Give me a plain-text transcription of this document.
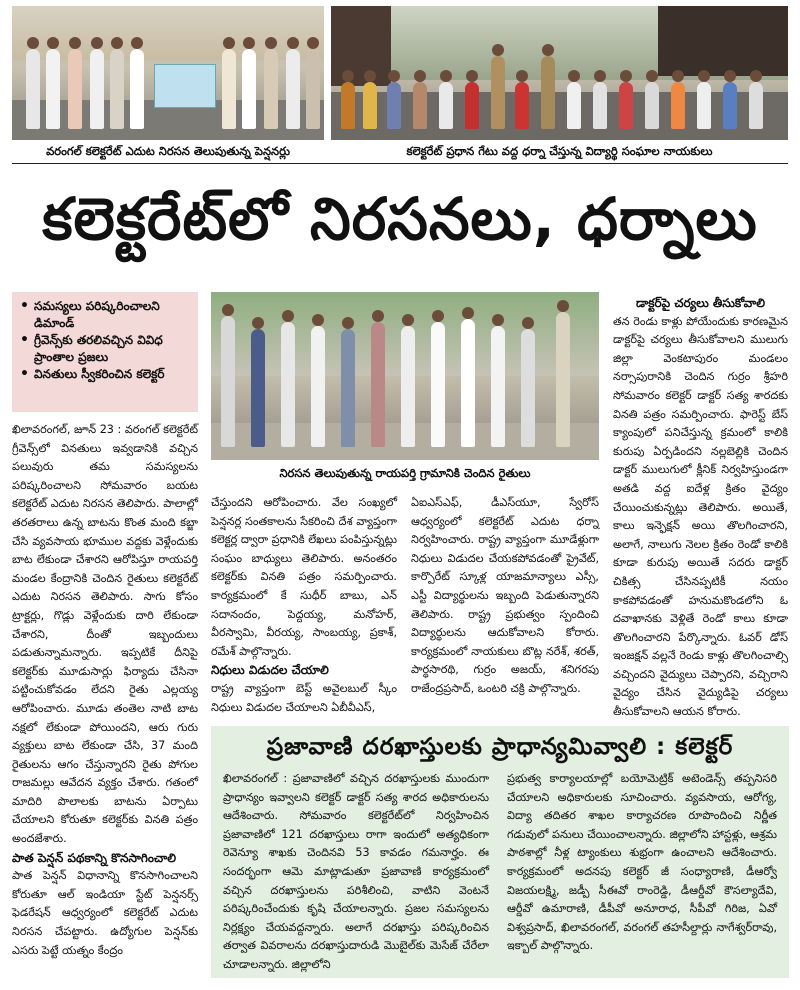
వరంగల్ కలెక్టరేట్ ఎదుట నిరసన తెలుపుతున్న పెన్షనర్లు	కలెక్టరేట్ ప్రధాన గేటు వద్ద ధర్నా చేస్తున్న విద్యార్థి సంఘాల నాయకులు
కలెక్టరేట్‌లో నిరసనలు, ధర్నాలు
• సమస్యలు పరిష్కరించాలని డిమాండ్
• గ్రీవెన్స్‌కు తరలివచ్చిన వివిధ ప్రాంతాల ప్రజలు
• వినతులు స్వీకరించిన కలెక్టర్
నిరసన తెలుపుతున్న రాయపర్తి గ్రామానికి చెందిన రైతులు

ఖిలావరంగల్, జూన్ 23 : వరంగల్ కలెక్టరేట్ గ్రీవెన్స్‌లో వినతులు ఇవ్వడానికి వచ్చిన పలువురు తమ సమస్యలను పరిష్కరించాలని సోమవారం బయట కలెక్టరేట్ ఎదుట నిరసన తెలిపారు. పాలాల్లో తరతరాలు ఉన్న బాటను కొంత మంది కబ్జా చేసి వ్యవసాయ భూముల వద్దకు వెళ్లేందుకు బాట లేకుండా చేశారని ఆరోపిస్తూ రాయపర్తి మండల కేంద్రానికి చెందిన రైతులు కలెక్టరేట్ ఎదుట నిరసన తెలిపారు. సాగు కోసం ట్రాక్టర్లు, గొడ్లు వెళ్లేందుకు దారి లేకుండా చేశారని, దీంతో ఇబ్బందులు పడుతున్నామన్నారు. ఇప్పటికే దీనిపై కలెక్టర్‌కు మూడుసార్లు ఫిర్యాదు చేసినా పట్టించుకోవడం లేదని రైతు ఎల్లయ్య ఆరోపించారు. మూడు తంతెల నాటి బాట నక్షలో లేకుండా పోయిందని, ఆరు గురు వ్యక్తులు బాట లేకుండా చేసి, 37 మంది రైతులను ఆగం చేస్తున్నారని రైతు పోగుల రాజమల్లు ఆవేదన వ్యక్తం చేశారు. గతంలో మాదిరి పొలాలకు బాటను ఏర్పాటు చేయాలని కోరుతూ కలెక్టర్‌కు వినతి పత్రం అందజేశారు.

పాత పెన్షన్ పథకాన్ని కొనసాగించాలి

పాత పెన్షన్ విధానాన్ని కొనసాగించాలని కోరుతూ ఆల్ ఇండియా స్టేట్ పెన్షనర్స్ ఫెడరేషన్ ఆధ్వర్యంలో కలెక్టరేట్ ఎదుట నిరసన చేపట్టారు. ఉద్యోగుల పెన్షన్‌కు ఎసరు పెట్టే యత్నం కేంద్రం

చేస్తుందని ఆరోపించారు. వేల సంఖ్యలో పెన్షనర్ల సంతకాలను సేకరించి దేశ వ్యాప్తంగా కలెక్టర్ల ద్వారా ప్రధానికి లేఖలు పంపిస్తున్నట్లు సంఘం బాధ్యులు తెలిపారు. అనంతరం కలెక్టర్‌కు వినతి పత్రం సమర్పించారు. కార్యక్రమంలో కే సుధీర్ బాబు, ఎన్ సదానందం, పెద్దయ్య, మనోహర్, వీరస్వామి, వీరయ్య, సాంబయ్య, ప్రకాశ్, రమేశ్ పాల్గొన్నారు.

నిధులు విడుదల చేయాలి

రాష్ట్ర వ్యాప్తంగా బెస్ట్ అవైలబుల్ స్కీం నిధులు విడుదల చేయాలని ఏబీవీఎస్,

ఏఐఎస్ఎఫ్, డీఎస్‌యూ, స్వేరోస్ ఆధ్వర్యంలో కలెక్టరేట్ ఎదుట ధర్నా నిర్వహించారు. రాష్ట్ర వ్యాప్తంగా మూడేళ్లుగా నిధులు విడుదల చేయకపోవడంతో ప్రైవేట్, కార్పొరేట్ స్కూళ్ల యాజమాన్యాలు ఎస్సీ, ఎస్టీ విద్యార్థులను ఇబ్బంది పెడుతున్నారని తెలిపారు. రాష్ట్ర ప్రభుత్వం స్పందించి విద్యార్థులను ఆదుకోవాలని కోరారు. కార్యక్రమంలో నాయకులు బొట్ల నరేశ్, శరత్, పార్థసారథి, గుర్రం అజయ్, శనిగరపు రాజేంద్రప్రసాద్, ఒంటరి చక్రి పాల్గొన్నారు.

డాక్టర్‌పై చర్యలు తీసుకోవాలి

తన రెండు కాళ్లు పోయేందుకు కారణమైన డాక్టర్‌పై చర్యలు తీసుకోవాలని ములుగు జిల్లా వెంకటాపురం మండలం నర్సాపురానికి చెందిన గుర్రం శ్రీహరి సోమవారం కలెక్టర్ డాక్టర్ సత్య శారదకు వినతి పత్రం సమర్పించారు. ఫారెస్ట్ బేస్ క్యాంపులో పనిచేస్తున్న క్రమంలో కాలికి కురుపు ఏర్పడిందని నల్లబెల్లికి చెందిన డాక్టర్ ములుగులో క్లీనిక్ నిర్వహిస్తుండగా అతడి వద్ద ఐదేళ్ల క్రితం వైద్యం చేయించుకున్నట్లు తెలిపారు. అయితే, కాలు ఇన్ఫెక్షన్ అయి తొలగించారని, అలాగే, నాలుగు నెలల క్రితం రెండో కాలికి కూడా కురుపు అయితే సదరు డాక్టర్ చికిత్స చేసినప్పటికీ నయం కాకపోవడంతో హనుమకొండలోని ఓ దవాఖానకు వెళ్లితే రెండో కాలు కూడా తొలగించారని పేర్కొన్నారు. ఓవర్ డోస్ ఇంజక్షన్ వల్లనే రెండు కాళ్లు తొలగించాల్సి వచ్చిందని వైద్యులు చెప్పారని, వచ్చిరాని వైద్యం చేసిన వైద్యుడిపై చర్యలు తీసుకోవాలని ఆయన కోరారు.

ప్రజావాణి దరఖాస్తులకు ప్రాధాన్యమివ్వాలి : కలెక్టర్
ఖిలావరంగల్ : ప్రజావాణిలో వచ్చిన దరఖాస్తులకు ముందుగా ప్రాధాన్యం ఇవ్వాలని కలెక్టర్ డాక్టర్ సత్య శారద అధికారులను ఆదేశించారు. సోమవారం కలెక్టరేట్‌లో నిర్వహించిన ప్రజావాణిలో 121 దరఖాస్తులు రాగా ఇందులో అత్యధికంగా రెవెన్యూ శాఖకు చెందినవి 53 కావడం గమనార్హం. ఈ సందర్భంగా ఆమె మాట్లాడుతూ ప్రజావాణి కార్యక్రమంలో వచ్చిన దరఖాస్తులను పరిశీలించి, వాటిని వెంటనే పరిష్కరించేందుకు కృషి చేయాలన్నారు. ప్రజల సమస్యలను నిర్లక్ష్యం చేయవద్దన్నారు. అలాగే దరఖాస్తు పరిష్కరించిన తర్వాత వివరాలను దరఖాస్తుదారుడి మొబైల్‌కు మెసేజ్ చేరేలా చూడాలన్నారు. జిల్లాలోని
ప్రభుత్వ కార్యాలయాల్లో బయోమెట్రిక్ అటెండెన్స్ తప్పనిసరి చేయాలని అధికారులకు సూచించారు. వ్యవసాయ, ఆరోగ్య, విద్యా తదితర శాఖల కార్యాచరణ రూపొందించి నిర్ణీత గడువులో పనులు చేయించాలన్నారు. జిల్లాలోని హాస్టళ్లు, ఆశ్రమ పాఠశాల్లో నీళ్ల ట్యాంకులు శుభ్రంగా ఉంచాలని ఆదేశించారు. కార్యక్రమంలో అదనపు కలెక్టర్ జీ సంధ్యారాణి, డీఆర్వో విజయలక్ష్మి, జడ్పీ సీఈవో రాంరెడ్డి, డీఆర్డీవో కౌసల్యాదేవి, ఆర్డీవో ఉమారాణి, డీపీవో అనూరాధ, సీపీవో గిరిజ, ఏవో విశ్వప్రసాద్, ఖిలావరంగల్, వరంగల్ తహసీల్దార్లు నాగేశ్వర్‌రావు, ఇక్బాల్ పాల్గొన్నారు.
